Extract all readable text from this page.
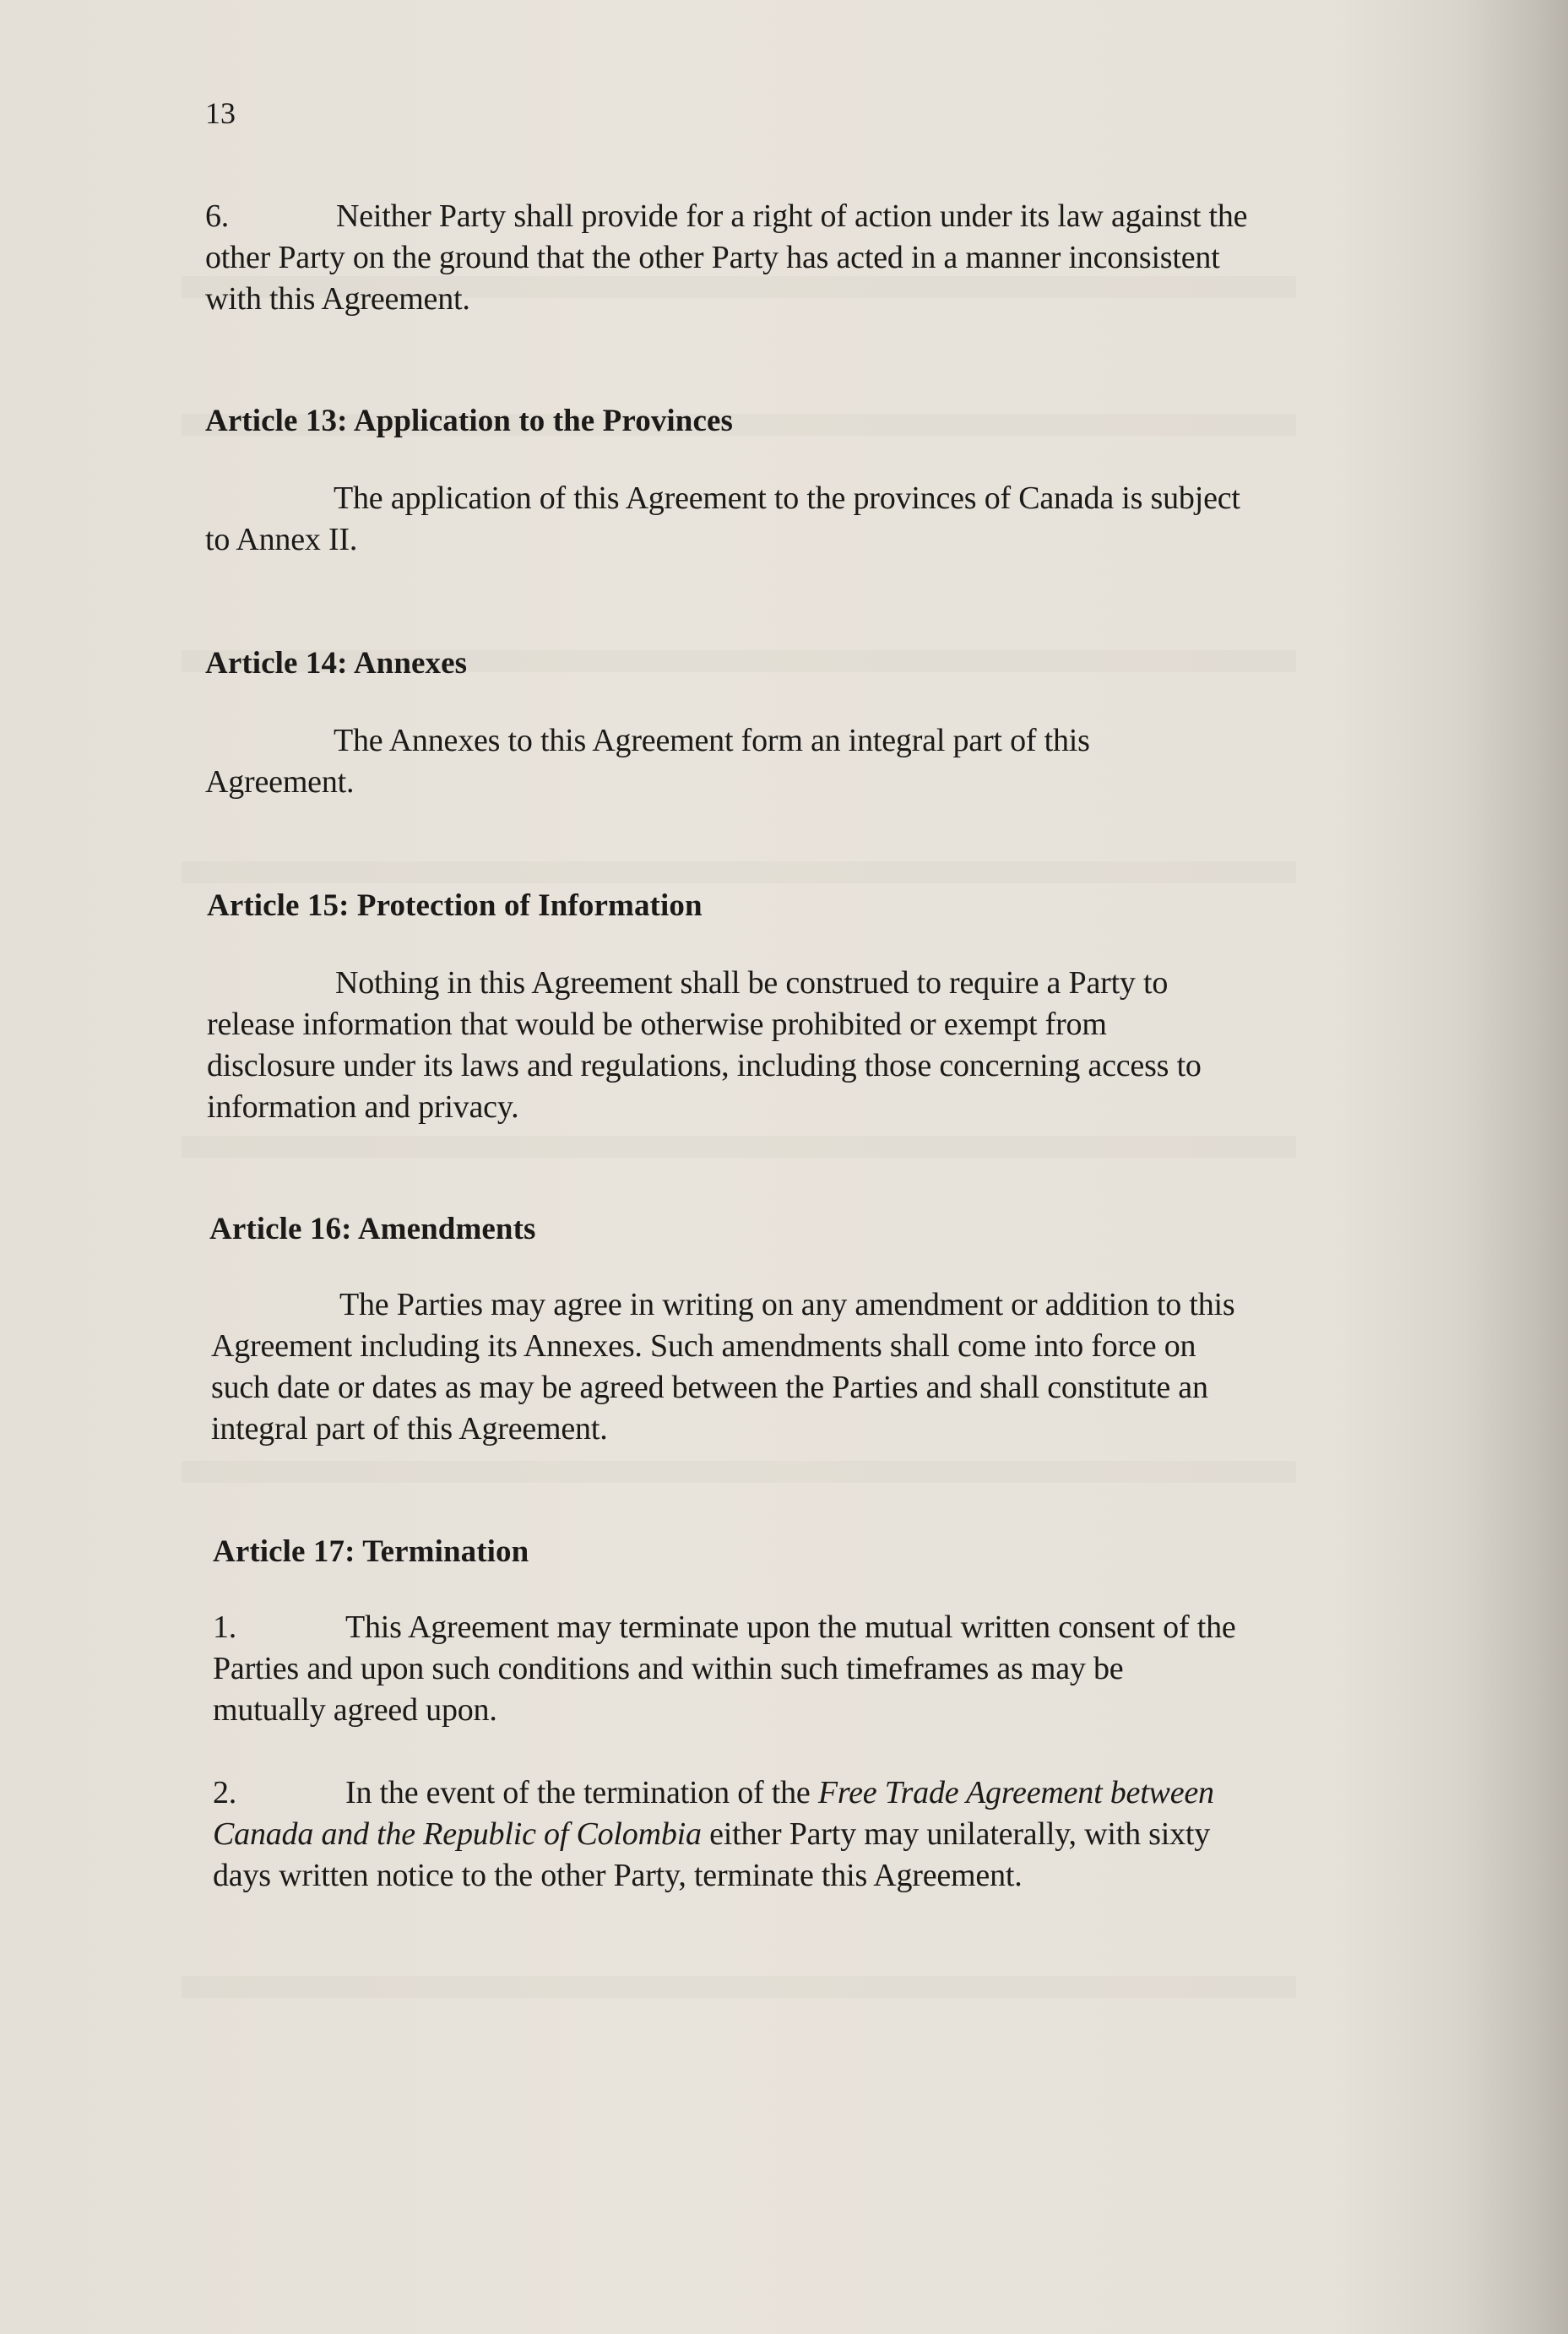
13
6.	Neither Party shall provide for a right of action under its law against the
other Party on the ground that the other Party has acted in a manner inconsistent
with this Agreement.
Article 13: Application to the Provinces
The application of this Agreement to the provinces of Canada is subject
to Annex II.
Article 14: Annexes
The Annexes to this Agreement form an integral part of this
Agreement.
Article 15: Protection of Information
Nothing in this Agreement shall be construed to require a Party to
release information that would be otherwise prohibited or exempt from
disclosure under its laws and regulations, including those concerning access to
information and privacy.
Article 16: Amendments
The Parties may agree in writing on any amendment or addition to this
Agreement including its Annexes. Such amendments shall come into force on
such date or dates as may be agreed between the Parties and shall constitute an
integral part of this Agreement.
Article 17: Termination
1.	This Agreement may terminate upon the mutual written consent of the
Parties and upon such conditions and within such timeframes as may be
mutually agreed upon.
2.	In the event of the termination of the Free Trade Agreement between
Canada and the Republic of Colombia either Party may unilaterally, with sixty
days written notice to the other Party, terminate this Agreement.
